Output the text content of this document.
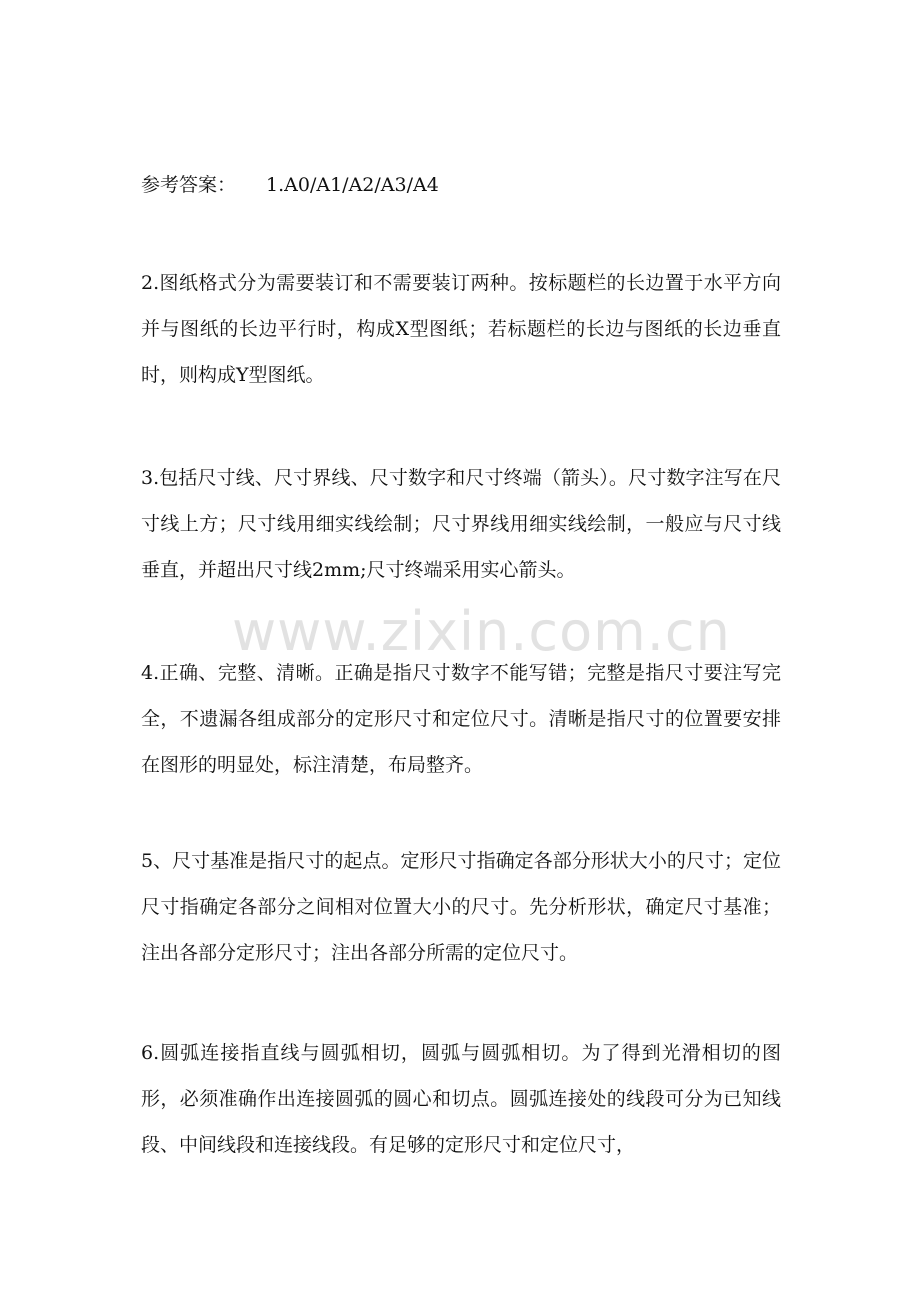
参考答案： 1.A0/A1/A2/A3/A4

2.图纸格式分为需要装订和不需要装订两种。按标题栏的长边置于水平方向并与图纸的长边平行时，构成X型图纸；若标题栏的长边与图纸的长边垂直时，则构成Y型图纸。

3.包括尺寸线、尺寸界线、尺寸数字和尺寸终端（箭头）。尺寸数字注写在尺寸线上方；尺寸线用细实线绘制；尺寸界线用细实线绘制，一般应与尺寸线垂直，并超出尺寸线2mm;尺寸终端采用实心箭头。

4.正确、完整、清晰。正确是指尺寸数字不能写错；完整是指尺寸要注写完全，不遗漏各组成部分的定形尺寸和定位尺寸。清晰是指尺寸的位置要安排在图形的明显处，标注清楚，布局整齐。

5、尺寸基准是指尺寸的起点。定形尺寸指确定各部分形状大小的尺寸；定位尺寸指确定各部分之间相对位置大小的尺寸。先分析形状，确定尺寸基准；注出各部分定形尺寸；注出各部分所需的定位尺寸。

6.圆弧连接指直线与圆弧相切，圆弧与圆弧相切。为了得到光滑相切的图形，必须准确作出连接圆弧的圆心和切点。圆弧连接处的线段可分为已知线段、中间线段和连接线段。有足够的定形尺寸和定位尺寸，

www.zixin.com.cn
